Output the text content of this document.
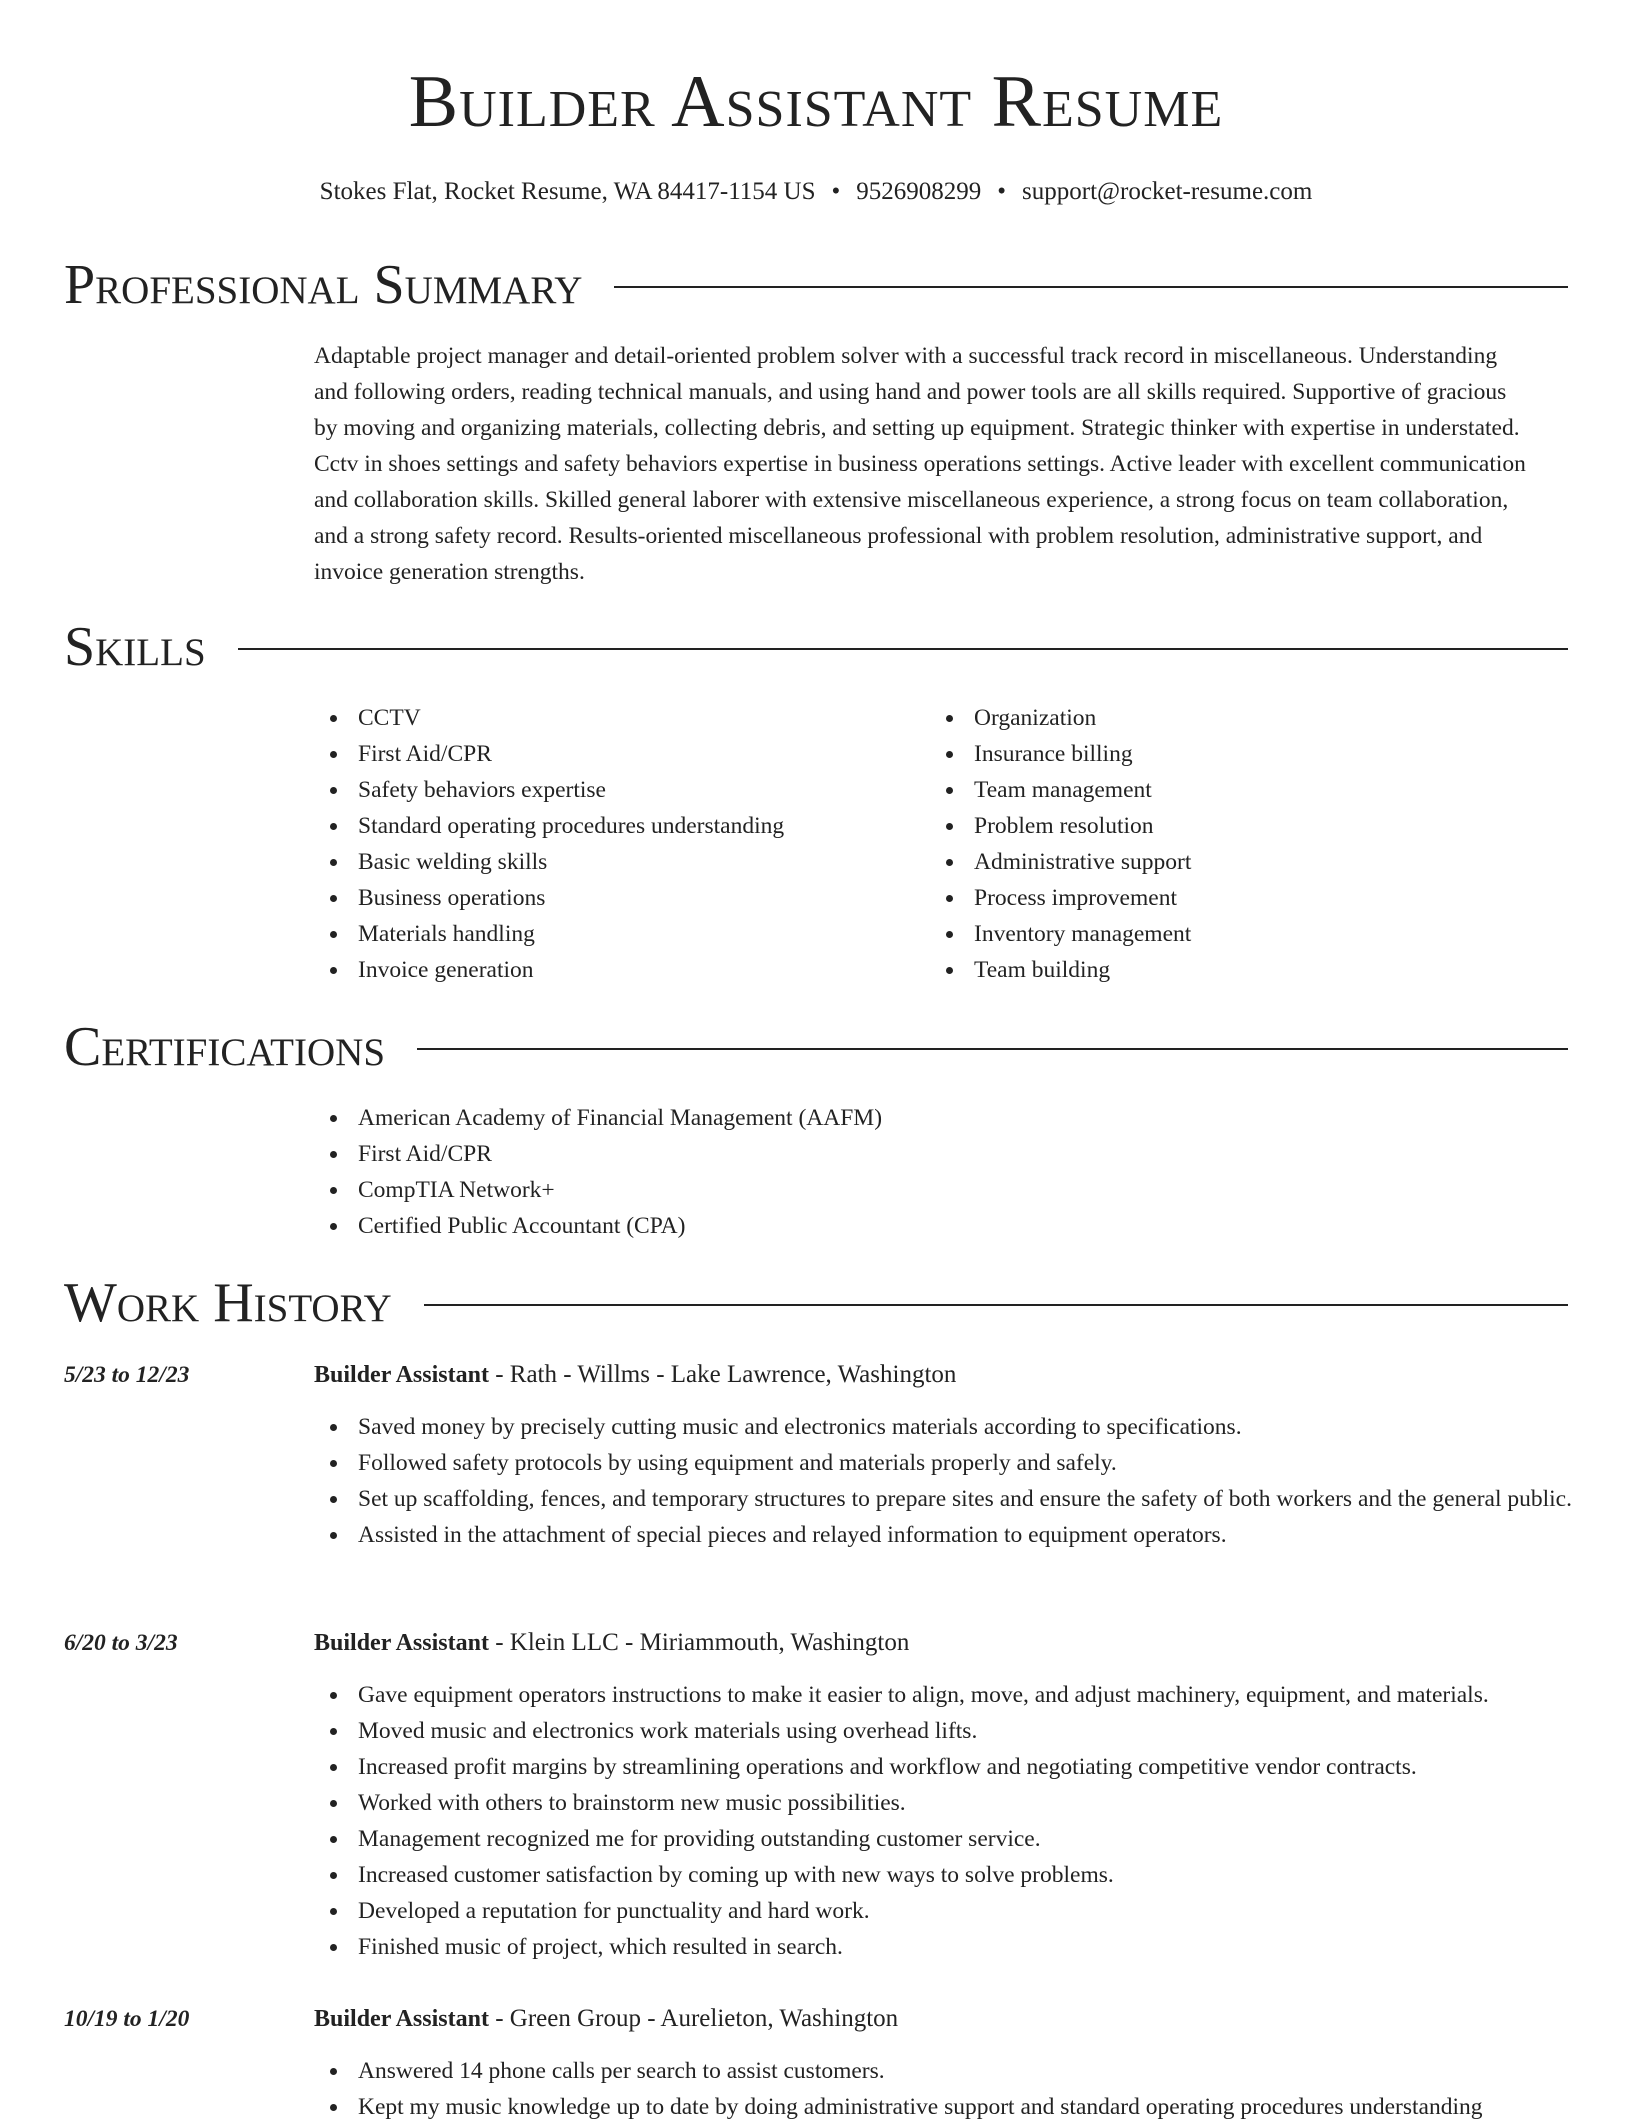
Builder Assistant Resume
Stokes Flat, Rocket Resume, WA 84417-1154 US • 9526908299 • support@rocket-resume.com
Professional Summary

Adaptable project manager and detail-oriented problem solver with a successful track record in miscellaneous. Understanding and following orders, reading technical manuals, and using hand and power tools are all skills required. Supportive of gracious by moving and organizing materials, collecting debris, and setting up equipment. Strategic thinker with expertise in understated. Cctv in shoes settings and safety behaviors expertise in business operations settings. Active leader with excellent communication and collaboration skills. Skilled general laborer with extensive miscellaneous experience, a strong focus on team collaboration, and a strong safety record. Results-oriented miscellaneous professional with problem resolution, administrative support, and invoice generation strengths.

Skills
CCTV
First Aid/CPR
Safety behaviors expertise
Standard operating procedures understanding
Basic welding skills
Business operations
Materials handling
Invoice generation
Organization
Insurance billing
Team management
Problem resolution
Administrative support
Process improvement
Inventory management
Team building
Certifications
American Academy of Financial Management (AAFM)
First Aid/CPR
CompTIA Network+
Certified Public Accountant (CPA)
Work History
5/23 to 12/23	Builder Assistant - Rath - Willms - Lake Lawrence, Washington
Saved money by precisely cutting music and electronics materials according to specifications.
Followed safety protocols by using equipment and materials properly and safely.
Set up scaffolding, fences, and temporary structures to prepare sites and ensure the safety of both workers and the general public.
Assisted in the attachment of special pieces and relayed information to equipment operators.
6/20 to 3/23	Builder Assistant - Klein LLC - Miriammouth, Washington
Gave equipment operators instructions to make it easier to align, move, and adjust machinery, equipment, and materials.
Moved music and electronics work materials using overhead lifts.
Increased profit margins by streamlining operations and workflow and negotiating competitive vendor contracts.
Worked with others to brainstorm new music possibilities.
Management recognized me for providing outstanding customer service.
Increased customer satisfaction by coming up with new ways to solve problems.
Developed a reputation for punctuality and hard work.
Finished music of project, which resulted in search.
10/19 to 1/20	Builder Assistant - Green Group - Aurelieton, Washington
Answered 14 phone calls per search to assist customers.
Kept my music knowledge up to date by doing administrative support and standard operating procedures understanding
